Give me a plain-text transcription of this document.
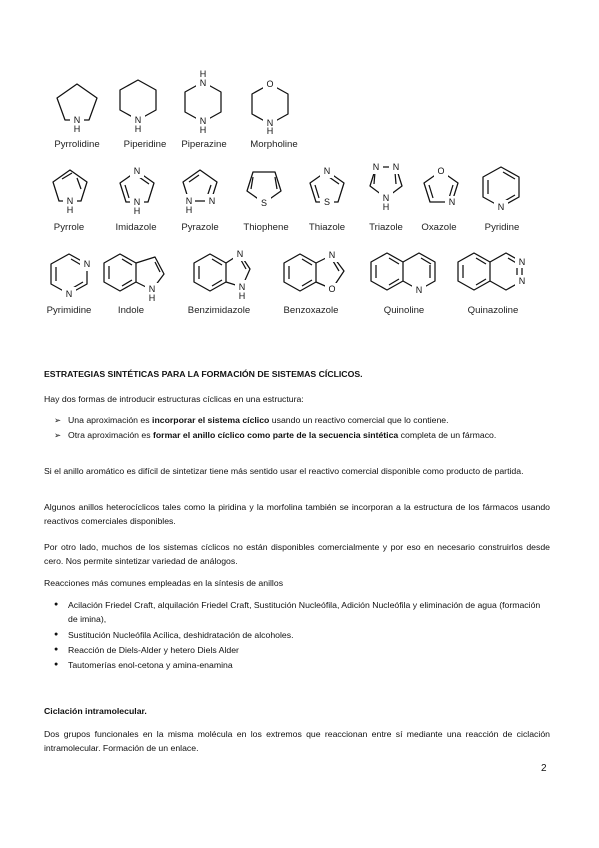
N
H
Pyrrolidine
N
H
Piperidine
H
N
N
H
Piperazine
O
N
H
Morpholine
N
H
Pyrrole
N
N
H
Imidazole
N
N
H
Pyrazole
S
Thiophene
N
S
Thiazole
N N
N
H
Triazole
O
N
Oxazole
N
Pyridine
N
N
Pyrimidine
N
H
Indole
N
N
H
Benzimidazole
N
O
Benzoxazole
N
Quinoline
N
N
Quinazoline
ESTRATEGIAS SINTÉTICAS PARA LA FORMACIÓN DE SISTEMAS CÍCLICOS.
Hay dos formas de introducir estructuras cíclicas en una estructura:
➢ Una aproximación es incorporar el sistema cíclico usando un reactivo comercial que lo contiene.
➢ Otra aproximación es formar el anillo cíclico como parte de la secuencia sintética completa de un fármaco.
Si el anillo aromático es difícil de sintetizar tiene más sentido usar el reactivo comercial disponible como producto de partida.
Algunos anillos heterocíclicos tales como la piridina y la morfolina también se incorporan a la estructura de los fármacos usando reactivos comerciales disponibles.
Por otro lado, muchos de los sistemas cíclicos no están disponibles comercialmente y por eso en necesario construirlos desde cero. Nos permite sintetizar variedad de análogos.
Reacciones más comunes empleadas en la síntesis de anillos
● Acilación Friedel Craft, alquilación Friedel Craft, Sustitución Nucleófila, Adición Nucleófila y eliminación de agua (formación de imina),
● Sustitución Nucleófila Acílica, deshidratación de alcoholes.
● Reacción de Diels-Alder y hetero Diels Alder
● Tautomerías enol-cetona y amina-enamina
Ciclación intramolecular.
Dos grupos funcionales en la misma molécula en los extremos que reaccionan entre sí mediante una reacción de ciclación intramolecular. Formación de un enlace.
2
